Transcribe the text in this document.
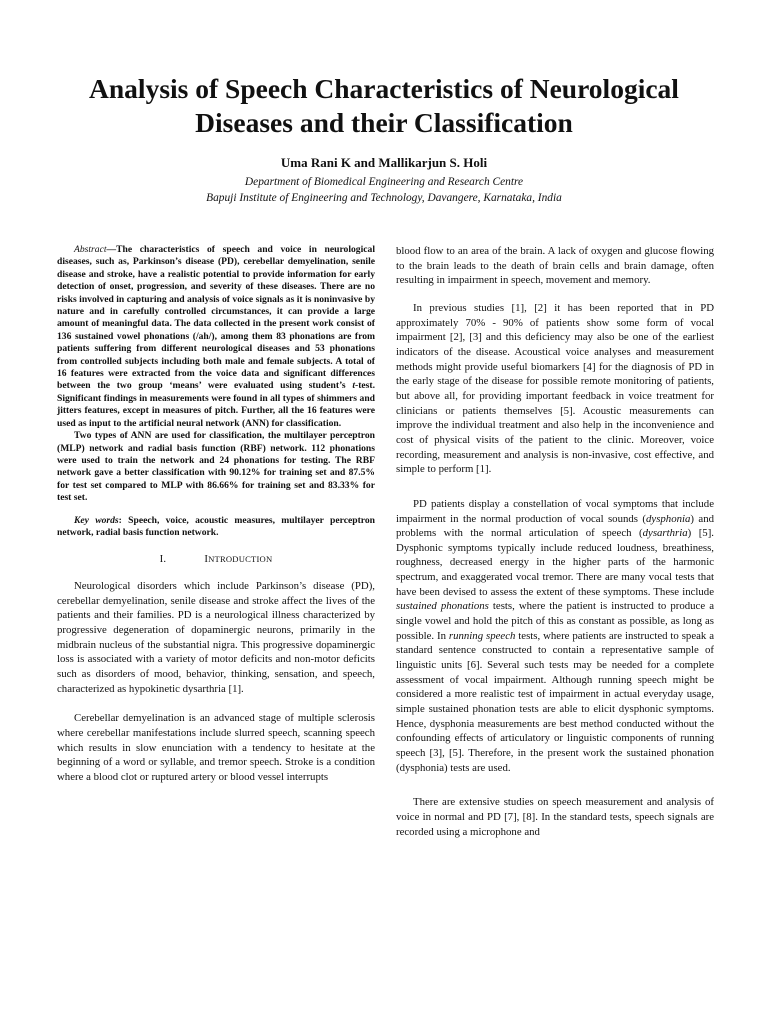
Analysis of Speech Characteristics of Neurological
Diseases and their Classification

Uma Rani K and Mallikarjun S. Holi

Department of Biomedical Engineering and Research Centre

Bapuji Institute of Engineering and Technology, Davangere, Karnataka, India

Abstract—The characteristics of speech and voice in neurological diseases, such as, Parkinson’s disease (PD), cerebellar demyelination, senile disease and stroke, have a realistic potential to provide information for early detection of onset, progression, and severity of these diseases. There are no risks involved in capturing and analysis of voice signals as it is noninvasive by nature and in carefully controlled circumstances, it can provide a large amount of meaningful data. The data collected in the present work consist of 136 sustained vowel phonations (/ah/), among them 83 phonations are from patients suffering from different neurological diseases and 53 phonations from controlled subjects including both male and female subjects. A total of 16 features were extracted from the voice data and significant differences between the two group ‘means’ were evaluated using student’s t-test. Significant findings in measurements were found in all types of shimmers and jitters features, except in measures of pitch. Further, all the 16 features were used as input to the artificial neural network (ANN) for classification.

Two types of ANN are used for classification, the multilayer perceptron (MLP) network and radial basis function (RBF) network. 112 phonations were used to train the network and 24 phonations for testing. The RBF network gave a better classification with 90.12% for training set and 87.5% for test set compared to MLP with 86.66% for training set and 83.33% for test set.

Key words: Speech, voice, acoustic measures, multilayer perceptron network, radial basis function network.

I.	INTRODUCTION

Neurological disorders which include Parkinson’s disease (PD), cerebellar demyelination, senile disease and stroke affect the lives of the patients and their families. PD is a neurological illness characterized by progressive degeneration of dopaminergic neurons, primarily in the midbrain nucleus of the substantial nigra. This progressive dopaminergic loss is associated with a variety of motor deficits and non-motor deficits such as disorders of mood, behavior, thinking, sensation, and speech, characterized as hypokinetic dysarthria [1].

Cerebellar demyelination is an advanced stage of multiple sclerosis where cerebellar manifestations include slurred speech, scanning speech which results in slow enunciation with a tendency to hesitate at the beginning of a word or syllable, and tremor speech. Stroke is a condition where a blood clot or ruptured artery or blood vessel interrupts

blood flow to an area of the brain. A lack of oxygen and glucose flowing to the brain leads to the death of brain cells and brain damage, often resulting in impairment in speech, movement and memory.

In previous studies [1], [2] it has been reported that in PD approximately 70% - 90% of patients show some form of vocal impairment [2], [3] and this deficiency may also be one of the earliest indicators of the disease. Acoustical voice analyses and measurement methods might provide useful biomarkers [4] for the diagnosis of PD in the early stage of the disease for possible remote monitoring of patients, but above all, for providing important feedback in voice treatment for clinicians or patients themselves [5]. Acoustic measurements can improve the individual treatment and also help in the inconvenience and cost of physical visits of the patient to the clinic. Moreover, voice recording, measurement and analysis is non-invasive, cost effective, and simple to perform [1].

PD patients display a constellation of vocal symptoms that include impairment in the normal production of vocal sounds (dysphonia) and problems with the normal articulation of speech (dysarthria) [5]. Dysphonic symptoms typically include reduced loudness, breathiness, roughness, decreased energy in the higher parts of the harmonic spectrum, and exaggerated vocal tremor. There are many vocal tests that have been devised to assess the extent of these symptoms. These include sustained phonations tests, where the patient is instructed to produce a single vowel and hold the pitch of this as constant as possible, as long as possible. In running speech tests, where patients are instructed to speak a standard sentence constructed to contain a representative sample of linguistic units [6]. Several such tests may be needed for a complete assessment of vocal impairment. Although running speech might be considered a more realistic test of impairment in actual everyday usage, simple sustained phonation tests are able to elicit dysphonic symptoms. Hence, dysphonia measurements are best method conducted without the confounding effects of articulatory or linguistic components of running speech [3], [5]. Therefore, in the present work the sustained phonation (dysphonia) tests are used.

There are extensive studies on speech measurement and analysis of voice in normal and PD [7], [8]. In the standard tests, speech signals are recorded using a microphone and
